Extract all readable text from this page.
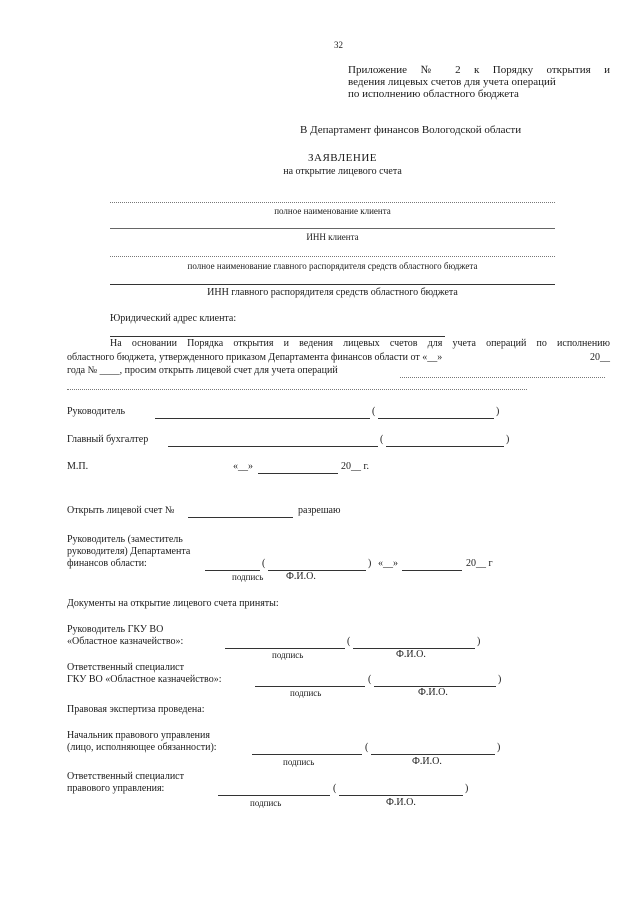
32
Приложение № 2 к Порядку открытия и
ведения лицевых счетов для учета операций
по исполнению областного бюджета
В Департамент финансов Вологодской области
ЗАЯВЛЕНИЕ
на открытие лицевого счета
полное наименование клиента
ИНН клиента
полное наименование главного распорядителя средств областного бюджета
ИНН главного распорядителя средств областного бюджета
Юридический адрес клиента:
На основании Порядка открытия и ведения лицевых счетов для учета операций по исполнению
областного бюджета, утвержденного приказом Департамента финансов области от «__»	20__
года № ____, просим открыть лицевой счет для учета операций
Руководитель	(	)
Главный бухгалтер	(	)
М.П.	«__»	20__ г.
Открыть лицевой счет №	разрешаю
Руководитель (заместитель
руководителя) Департамента
финансов области:	(	) «__»	20__ г
подпись Ф.И.О.
Документы на открытие лицевого счета приняты:
Руководитель ГКУ ВО
«Областное казначейство»:	(	)
подпись	Ф.И.О.
Ответственный специалист
ГКУ ВО «Областное казначейство»:	(	)
подпись	Ф.И.О.
Правовая экспертиза проведена:
Начальник правового управления
(лицо, исполняющее обязанности):	(	)
подпись	Ф.И.О.
Ответственный специалист
правового управления:	(	)
подпись	Ф.И.О.
